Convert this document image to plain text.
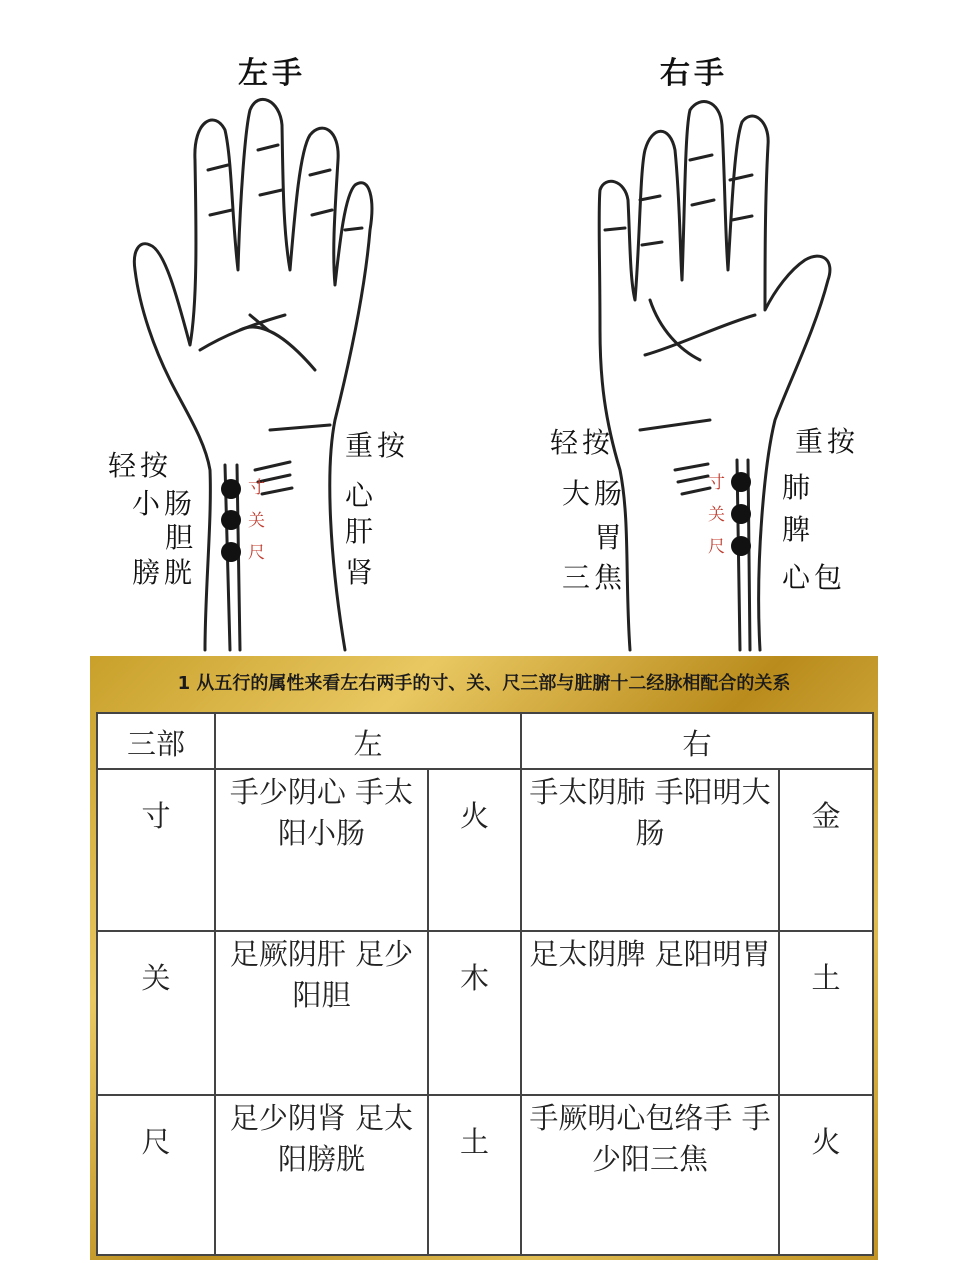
左手
轻按
小肠
胆
膀胱
重按
心
肝
肾
寸
关
尺
右手
轻按
大肠
胃
三焦
重按
肺
脾
心包
寸
关
尺
1 从五行的属性来看左右两手的寸、关、尺三部与脏腑十二经脉相配合的关系
三部	左		右	
寸	手少阴心 手太阳小肠	火	手太阴肺 手阳明大肠	金
关	足厥阴肝 足少阳胆	木	足太阴脾 足阳明胃	土
尺	足少阴肾 足太阳膀胱	土	手厥明心包络手 手少阳三焦	火
